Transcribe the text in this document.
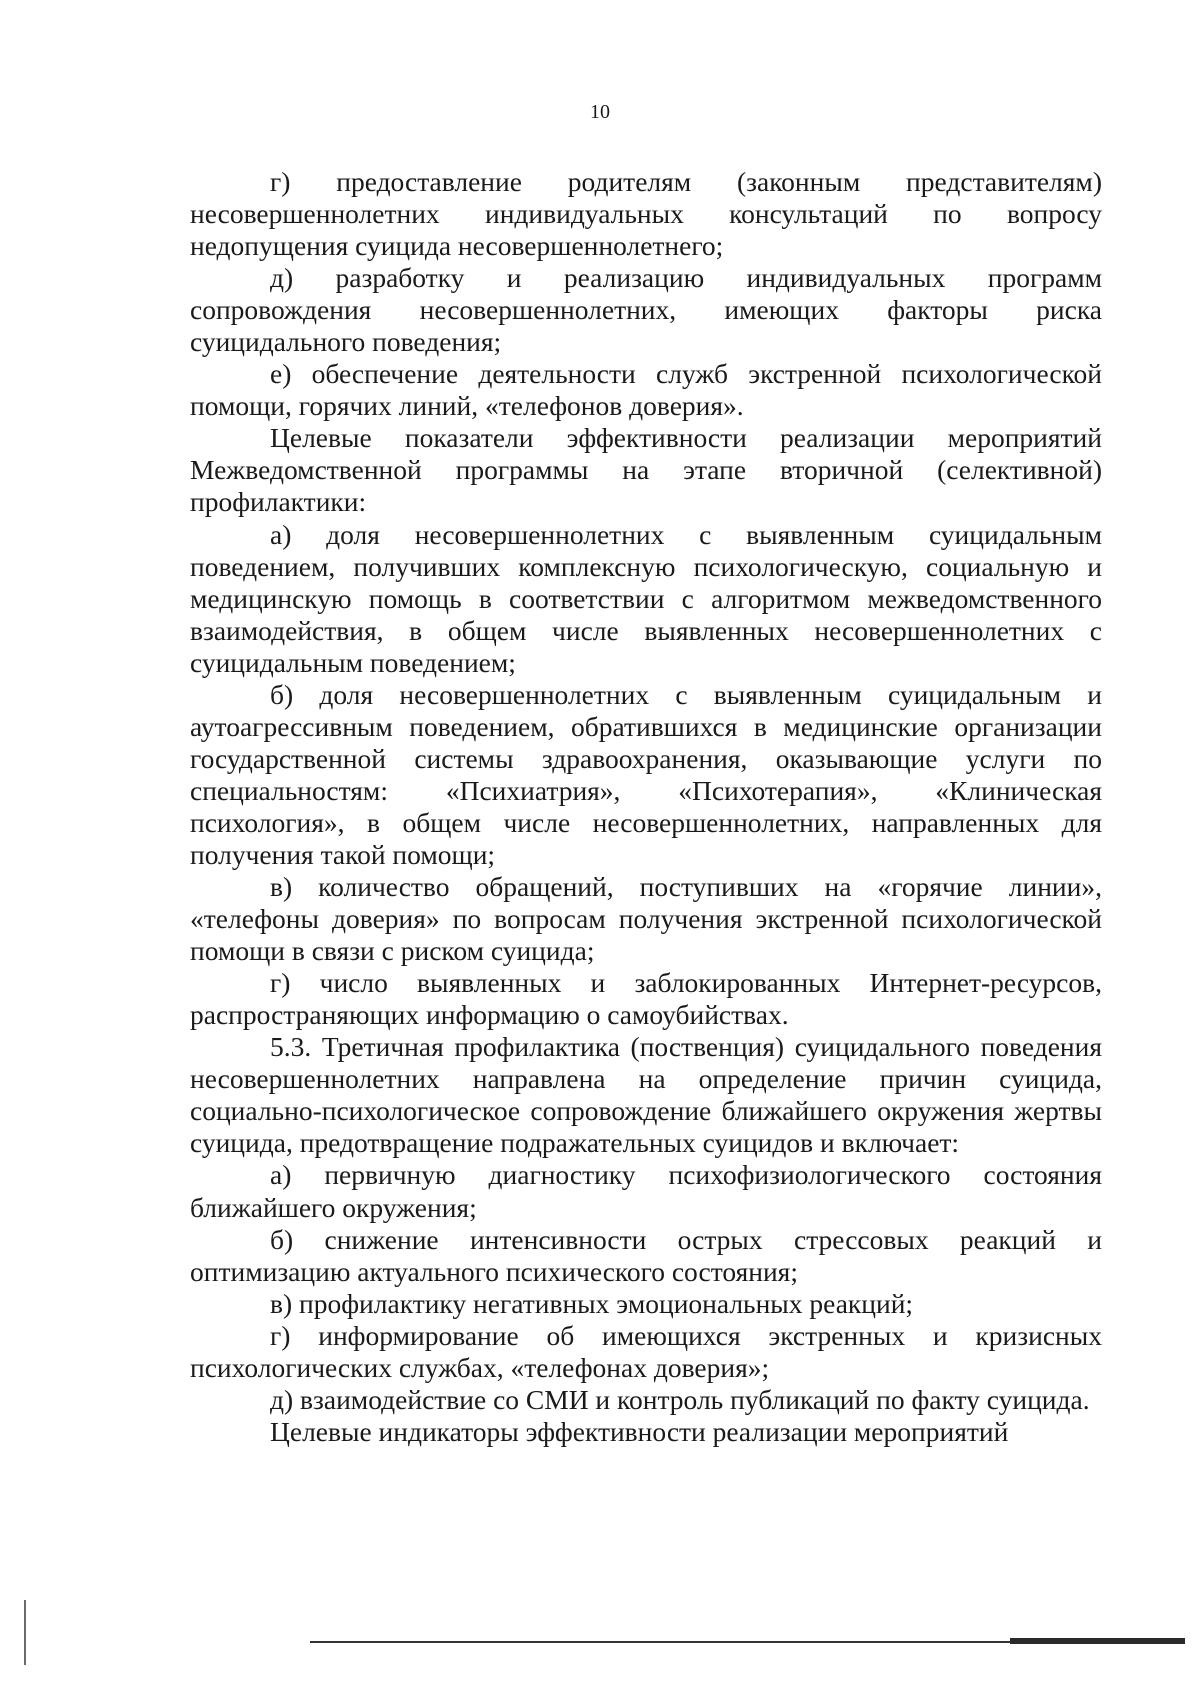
10

г) предоставление родителям (законным представителям) несовершеннолетних индивидуальных консультаций по вопросу недопущения суицида несовершеннолетнего;

д) разработку и реализацию индивидуальных программ сопровождения несовершеннолетних, имеющих факторы риска суицидального поведения;

е) обеспечение деятельности служб экстренной психологической помощи, горячих линий, «телефонов доверия».

Целевые показатели эффективности реализации мероприятий Межведомственной программы на этапе вторичной (селективной) профилактики:

а) доля несовершеннолетних с выявленным суицидальным поведением, получивших комплексную психологическую, социальную и медицинскую помощь в соответствии с алгоритмом межведомственного взаимодействия, в общем числе выявленных несовершеннолетних с суицидальным поведением;

б) доля несовершеннолетних с выявленным суицидальным и аутоагрессивным поведением, обратившихся в медицинские организации государственной системы здравоохранения, оказывающие услуги по специальностям: «Психиатрия», «Психотерапия», «Клиническая психология», в общем числе несовершеннолетних, направленных для получения такой помощи;

в) количество обращений, поступивших на «горячие линии», «телефоны доверия» по вопросам получения экстренной психологической помощи в связи с риском суицида;

г) число выявленных и заблокированных Интернет-ресурсов, распространяющих информацию о самоубийствах.

5.3. Третичная профилактика (поственция) суицидального поведения несовершеннолетних направлена на определение причин суицида, социально-психологическое сопровождение ближайшего окружения жертвы суицида, предотвращение подражательных суицидов и включает:

а) первичную диагностику психофизиологического состояния ближайшего окружения;

б) снижение интенсивности острых стрессовых реакций и оптимизацию актуального психического состояния;

в) профилактику негативных эмоциональных реакций;

г) информирование об имеющихся экстренных и кризисных психологических службах, «телефонах доверия»;

д) взаимодействие со СМИ и контроль публикаций по факту суицида.

Целевые индикаторы эффективности реализации мероприятий
